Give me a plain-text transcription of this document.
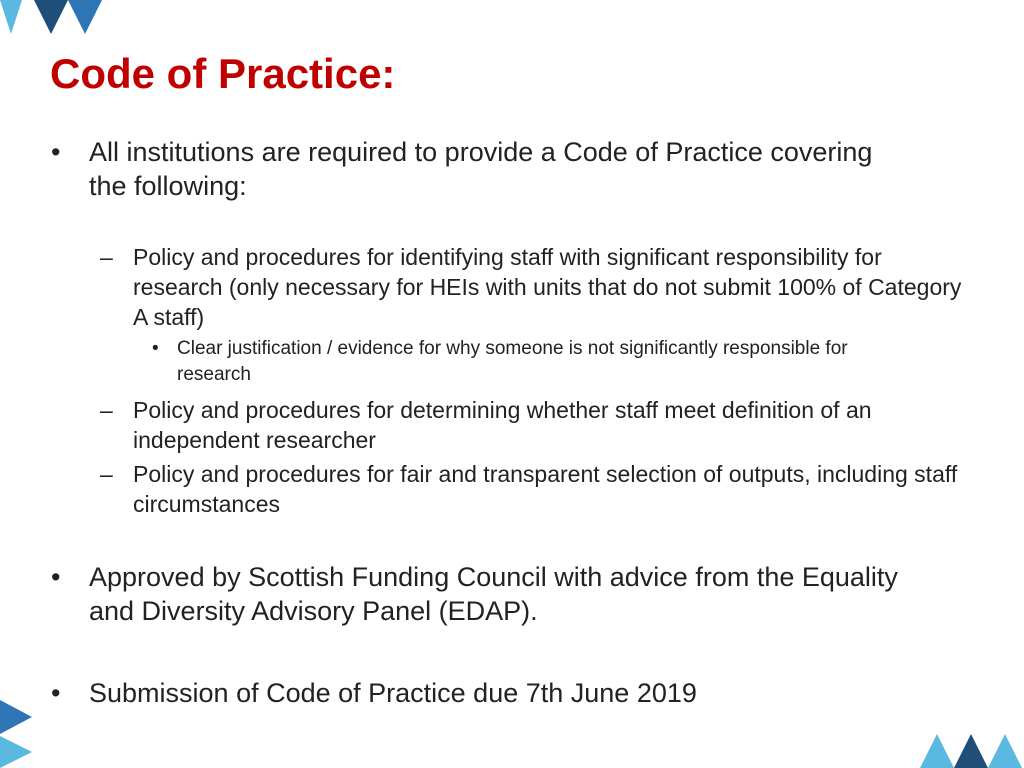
Code of Practice:
•	All institutions are required to provide a Code of Practice covering the following:
– Policy and procedures for identifying staff with significant responsibility for research (only necessary for HEIs with units that do not submit 100% of Category A staff)
• Clear justification / evidence for why someone is not significantly responsible for research
– Policy and procedures for determining whether staff meet definition of an independent researcher
– Policy and procedures for fair and transparent selection of outputs, including staff circumstances
•	Approved by Scottish Funding Council with advice from the Equality and Diversity Advisory Panel (EDAP).
•	Submission of Code of Practice due 7th June 2019
